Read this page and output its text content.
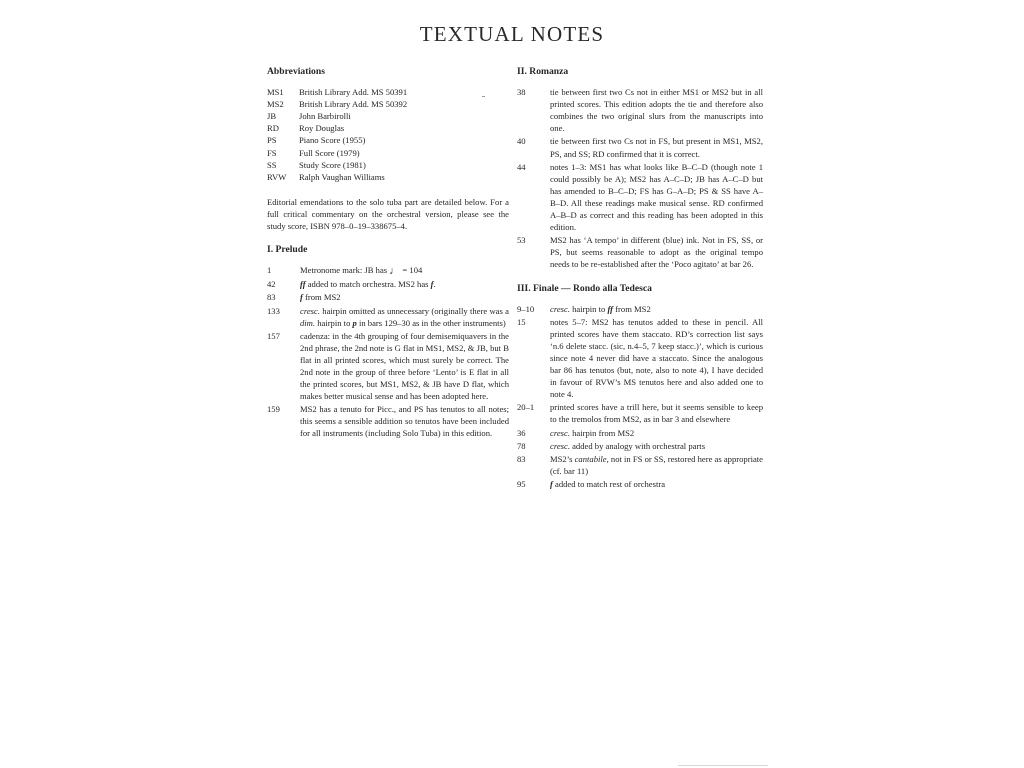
TEXTUAL NOTES
Abbreviations
MS1	British Library Add. MS 50391
MS2	British Library Add. MS 50392
JB	John Barbirolli
RD	Roy Douglas
PS	Piano Score (1955)
FS	Full Score (1979)
SS	Study Score (1981)
RVW	Ralph Vaughan Williams
Editorial emendations to the solo tuba part are detailed below. For a full critical commentary on the orchestral version, please see the study score, ISBN 978–0–19–338675–4.
I. Prelude
1	Metronome mark: JB has ♩ = 104
42	ff added to match orchestra. MS2 has f.
83	f from MS2
133	cresc. hairpin omitted as unnecessary (originally there was a dim. hairpin to p in bars 129–30 as in the other instruments)
157	cadenza: in the 4th grouping of four demisemiquavers in the 2nd phrase, the 2nd note is G flat in MS1, MS2, & JB, but B flat in all printed scores, which must surely be correct. The 2nd note in the group of three before ‘Lento’ is E flat in all the printed scores, but MS1, MS2, & JB have D flat, which makes better musical sense and has been adopted here.
159	MS2 has a tenuto for Picc., and PS has tenutos to all notes; this seems a sensible addition so tenutos have been included for all instruments (including Solo Tuba) in this edition.
II. Romanza
38	tie between first two Cs not in either MS1 or MS2 but in all printed scores. This edition adopts the tie and therefore also combines the two original slurs from the manuscripts into one.
40	tie between first two Cs not in FS, but present in MS1, MS2, PS, and SS; RD confirmed that it is correct.
44	notes 1–3: MS1 has what looks like B–C–D (though note 1 could possibly be A); MS2 has A–C–D; JB has A–C–D but has amended to B–C–D; FS has G–A–D; PS & SS have A–B–D. All these readings make musical sense. RD confirmed A–B–D as correct and this reading has been adopted in this edition.
53	MS2 has ‘A tempo’ in different (blue) ink. Not in FS, SS, or PS, but seems reasonable to adopt as the original tempo needs to be re-established after the ‘Poco agitato’ at bar 26.
III. Finale — Rondo alla Tedesca
9–10	cresc. hairpin to ff from MS2
15	notes 5–7: MS2 has tenutos added to these in pencil. All printed scores have them staccato. RD’s correction list says ‘n.6 delete stacc. (sic, n.4–5, 7 keep stacc.)’, which is curious since note 4 never did have a staccato. Since the analogous bar 86 has tenutos (but, note, also to note 4), I have decided in favour of RVW’s MS tenutos here and also added one to note 4.
20–1	printed scores have a trill here, but it seems sensible to keep to the tremolos from MS2, as in bar 3 and elsewhere
36	cresc. hairpin from MS2
78	cresc. added by analogy with orchestral parts
83	MS2’s cantabile, not in FS or SS, restored here as appropriate (cf. bar 11)
95	f added to match rest of orchestra
